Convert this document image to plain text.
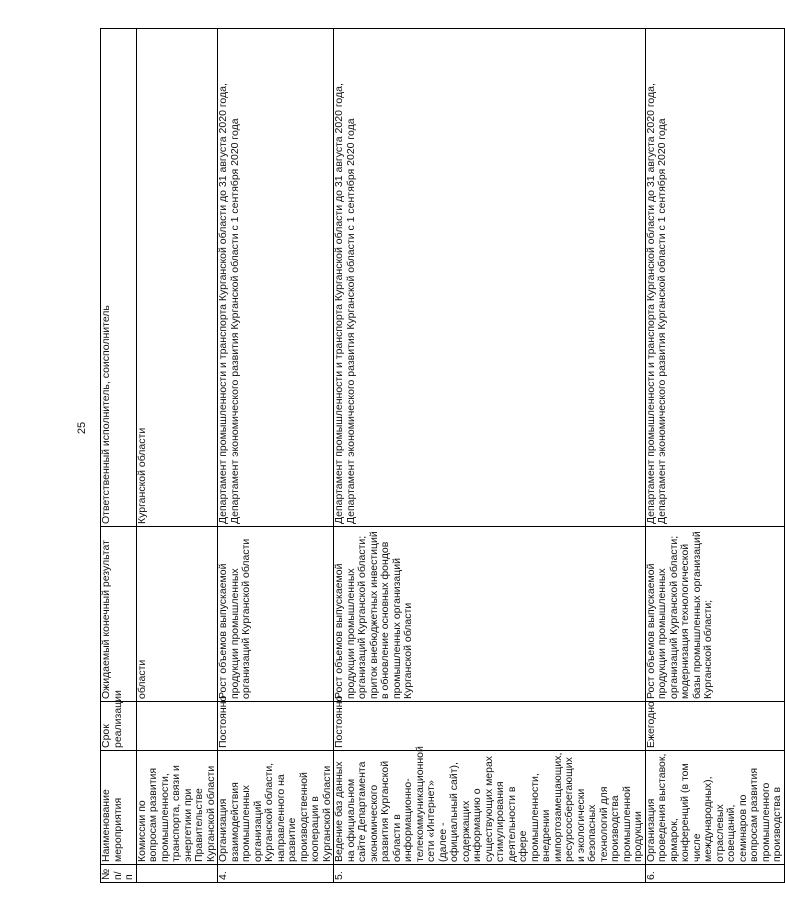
25
№ п/п	Наименование мероприятия	Срок реализации	Ожидаемый конечный результат	Ответственный исполнитель, соисполнитель
	Комиссии по вопросам развития промышленности, транспорта, связи и энергетики при Правительстве Курганской области		области	Курганской области
4.	Организация взаимодействия промышленных организаций Курганской области, направленного на развитие производственной кооперации в Курганской области	Постоянно	Рост объемов выпускаемой продукции промышленных организаций Курганской области	Департамент промышленности и транспорта Курганской области до 31 августа 2020 года, Департамент экономического развития Курганской области с 1 сентября 2020 года
5.	Ведение баз данных на официальном сайте Департамента экономического развития Курганской области в информационно-телекоммуникационной сети «Интернет» (далее - официальный сайт), содержащих информацию о существующих мерах стимулирования деятельности в сфере промышленности, внедрении импортозамещающих, ресурсосберегающих и экологически безопасных технологий для производства промышленной продукции	Постоянно	Рост объемов выпускаемой продукции промышленных организаций Курганской области; приток внебюджетных инвестиций в обновление основных фондов промышленных организаций Курганской области	Департамент промышленности и транспорта Курганской области до 31 августа 2020 года, Департамент экономического развития Курганской области с 1 сентября 2020 года
6.	Организация проведения выставок, ярмарок, конференций (в том числе международных), отраслевых совещаний, семинаров по вопросам развития промышленного производства в	Ежегодно	Рост объемов выпускаемой продукции промышленных организаций Курганской области; модернизация технологической базы промышленных организаций Курганской области;	Департамент промышленности и транспорта Курганской области до 31 августа 2020 года, Департамент экономического развития Курганской области с 1 сентября 2020 года
